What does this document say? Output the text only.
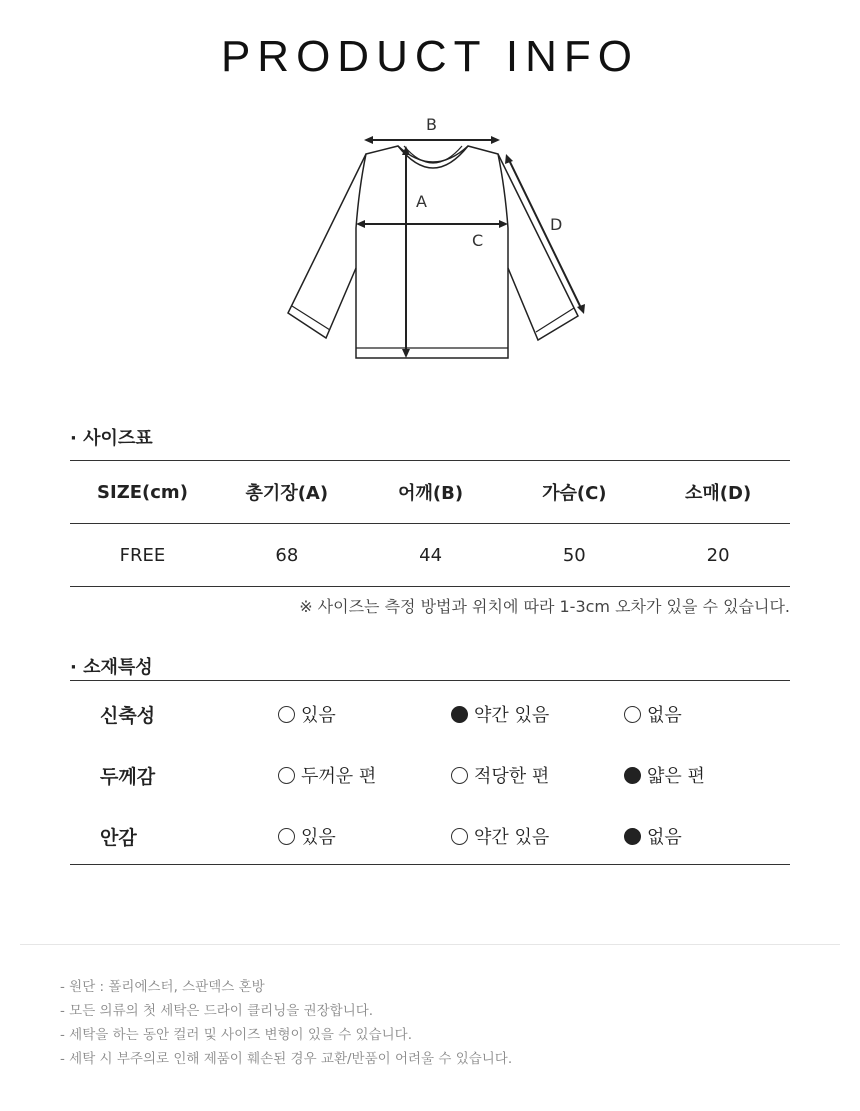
PRODUCT INFO
B
A
C
D
· 사이즈표
SIZE(cm)	총기장(A)	어깨(B)	가슴(C)	소매(D)
FREE	68	44	50	20
※ 사이즈는 측정 방법과 위치에 따라 1-3cm 오차가 있을 수 있습니다.
· 소재특성
신축성	있음	약간 있음	없음
두께감	두꺼운 편	적당한 편	얇은 편
안감	있음	약간 있음	없음
- 원단 : 폴리에스터, 스판덱스 혼방
- 모든 의류의 첫 세탁은 드라이 클리닝을 권장합니다.
- 세탁을 하는 동안 컬러 및 사이즈 변형이 있을 수 있습니다.
- 세탁 시 부주의로 인해 제품이 훼손된 경우 교환/반품이 어려울 수 있습니다.
